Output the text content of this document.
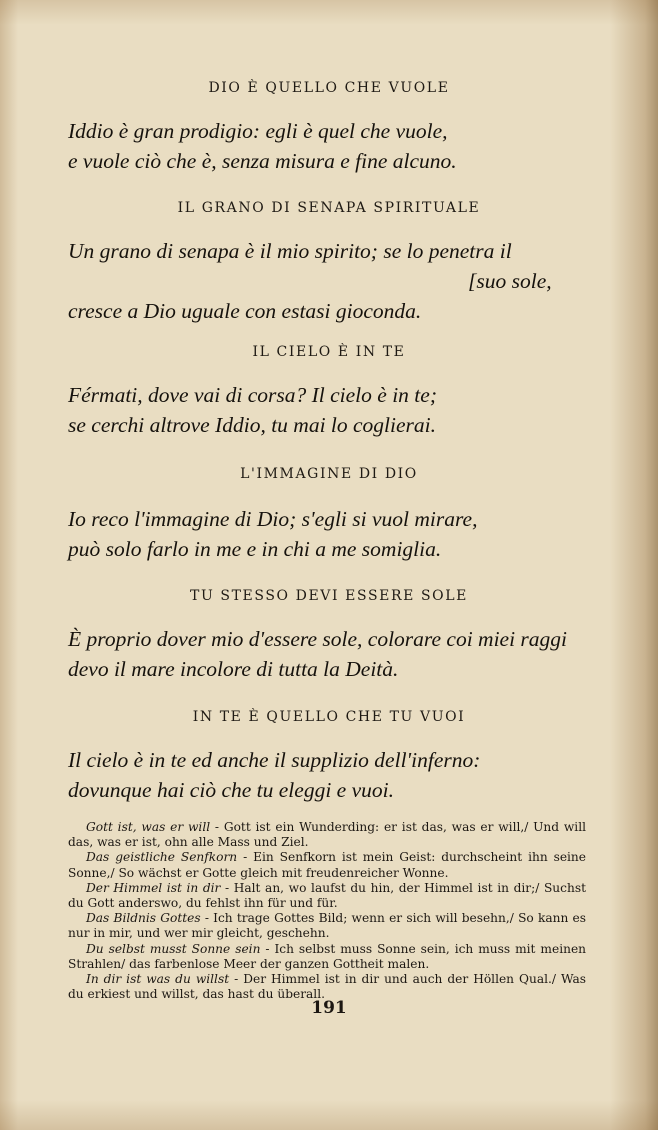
DIO È QUELLO CHE VUOLE
Iddio è gran prodigio: egli è quel che vuole,
e vuole ciò che è, senza misura e fine alcuno.
IL GRANO DI SENAPA SPIRITUALE
Un grano di senapa è il mio spirito; se lo penetra il
[suo sole,
cresce a Dio uguale con estasi gioconda.
IL CIELO È IN TE
Férmati, dove vai di corsa? Il cielo è in te;
se cerchi altrove Iddio, tu mai lo coglierai.
L'IMMAGINE DI DIO
Io reco l'immagine di Dio; s'egli si vuol mirare,
può solo farlo in me e in chi a me somiglia.
TU STESSO DEVI ESSERE SOLE
È proprio dover mio d'essere sole, colorare coi miei raggi
devo il mare incolore di tutta la Deità.
IN TE È QUELLO CHE TU VUOI
Il cielo è in te ed anche il supplizio dell'inferno:
dovunque hai ciò che tu eleggi e vuoi.

Gott ist, was er will - Gott ist ein Wunderding: er ist das, was er will,/ Und will das, was er ist, ohn alle Mass und Ziel.

Das geistliche Senfkorn - Ein Senfkorn ist mein Geist: durchscheint ihn seine Sonne,/ So wächst er Gotte gleich mit freudenreicher Wonne.

Der Himmel ist in dir - Halt an, wo laufst du hin, der Himmel ist in dir;/ Suchst du Gott anderswo, du fehlst ihn für und für.

Das Bildnis Gottes - Ich trage Gottes Bild; wenn er sich will besehn,/ So kann es nur in mir, und wer mir gleicht, geschehn.

Du selbst musst Sonne sein - Ich selbst muss Sonne sein, ich muss mit meinen Strahlen/ das farbenlose Meer der ganzen Gottheit malen.

In dir ist was du willst - Der Himmel ist in dir und auch der Höllen Qual./ Was du erkiest und willst, das hast du überall.

191
